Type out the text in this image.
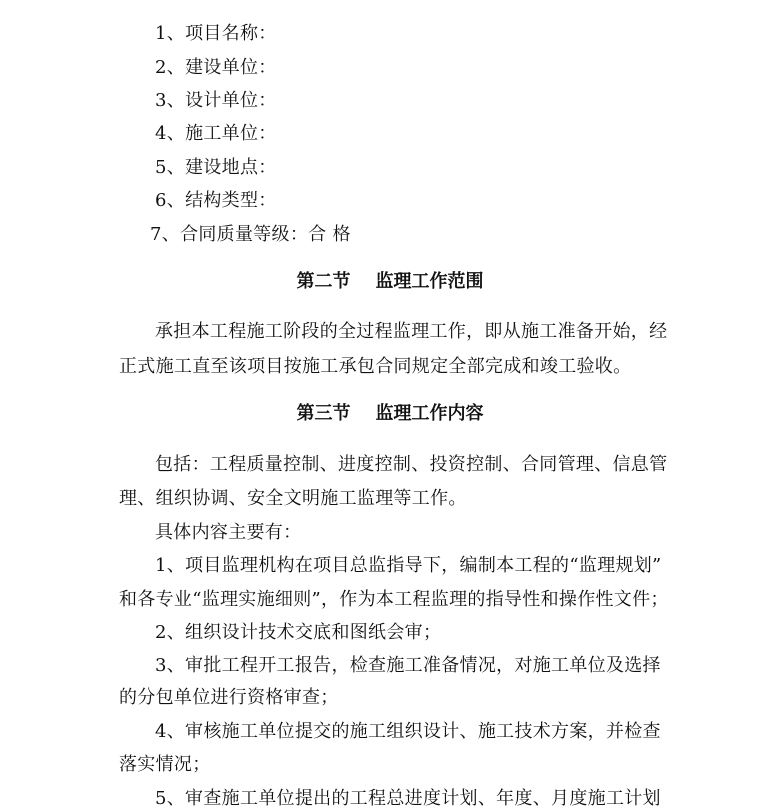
1、项目名称：
2、建设单位：
3、设计单位：
4、施工单位：
5、建设地点：
6、结构类型：
7、合同质量等级：合 格
第二节    监理工作范围
承担本工程施工阶段的全过程监理工作，即从施工准备开始，经
正式施工直至该项目按施工承包合同规定全部完成和竣工验收。
第三节    监理工作内容
包括：工程质量控制、进度控制、投资控制、合同管理、信息管
理、组织协调、安全文明施工监理等工作。
具体内容主要有：
1、项目监理机构在项目总监指导下，编制本工程的“监理规划”
和各专业“监理实施细则”，作为本工程监理的指导性和操作性文件；
2、组织设计技术交底和图纸会审；
3、审批工程开工报告，检查施工准备情况，对施工单位及选择
的分包单位进行资格审查；
4、审核施工单位提交的施工组织设计、施工技术方案，并检查
落实情况；
5、审查施工单位提出的工程总进度计划、年度、月度施工计划
